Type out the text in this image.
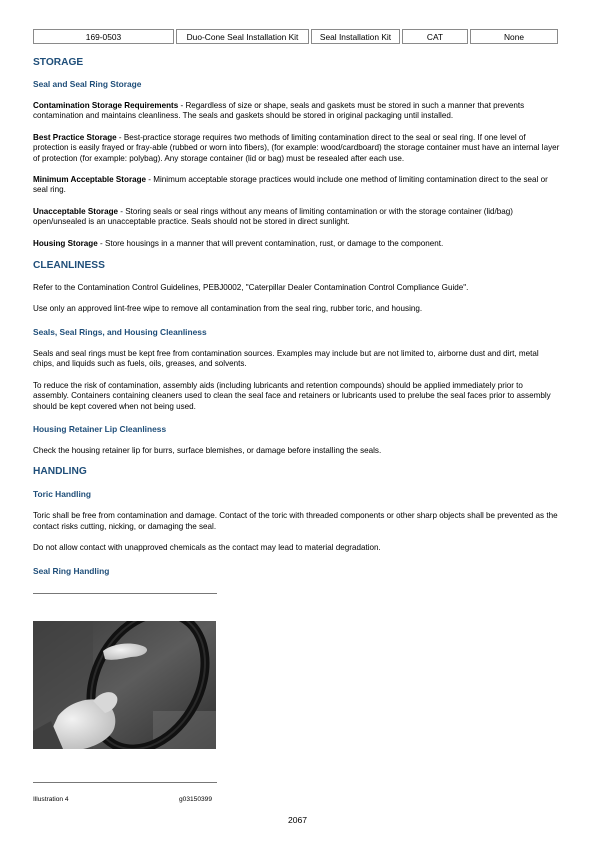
169-0503	Duo-Cone Seal Installation Kit	Seal Installation Kit	CAT	None
STORAGE
Seal and Seal Ring Storage

Contamination Storage Requirements - Regardless of size or shape, seals and gaskets must be stored in such a manner that prevents contamination and maintains cleanliness. The seals and gaskets should be stored in original packaging until installed.

Best Practice Storage - Best-practice storage requires two methods of limiting contamination direct to the seal or seal ring. If one level of protection is easily frayed or fray-able (rubbed or worn into fibers), (for example: wood/cardboard) the storage container must have an internal layer of protection (for example: polybag). Any storage container (lid or bag) must be resealed after each use.

Minimum Acceptable Storage - Minimum acceptable storage practices would include one method of limiting contamination direct to the seal or seal ring.

Unacceptable Storage - Storing seals or seal rings without any means of limiting contamination or with the storage container (lid/bag) open/unsealed is an unacceptable practice. Seals should not be stored in direct sunlight.

Housing Storage - Store housings in a manner that will prevent contamination, rust, or damage to the component.

CLEANLINESS

Refer to the Contamination Control Guidelines, PEBJ0002, "Caterpillar Dealer Contamination Control Compliance Guide".

Use only an approved lint-free wipe to remove all contamination from the seal ring, rubber toric, and housing.

Seals, Seal Rings, and Housing Cleanliness

Seals and seal rings must be kept free from contamination sources. Examples may include but are not limited to, airborne dust and dirt, metal chips, and liquids such as fuels, oils, greases, and solvents.

To reduce the risk of contamination, assembly aids (including lubricants and retention compounds) should be applied immediately prior to assembly. Containers containing cleaners used to clean the seal face and retainers or lubricants used to prelube the seal faces prior to assembly should be kept covered when not being used.

Housing Retainer Lip Cleanliness

Check the housing retainer lip for burrs, surface blemishes, or damage before installing the seals.

HANDLING
Toric Handling

Toric shall be free from contamination and damage. Contact of the toric with threaded components or other sharp objects shall be prevented as the contact risks cutting, nicking, or damaging the seal.

Do not allow contact with unapproved chemicals as the contact may lead to material degradation.

Seal Ring Handling
Illustration 4	g03150399
2067
